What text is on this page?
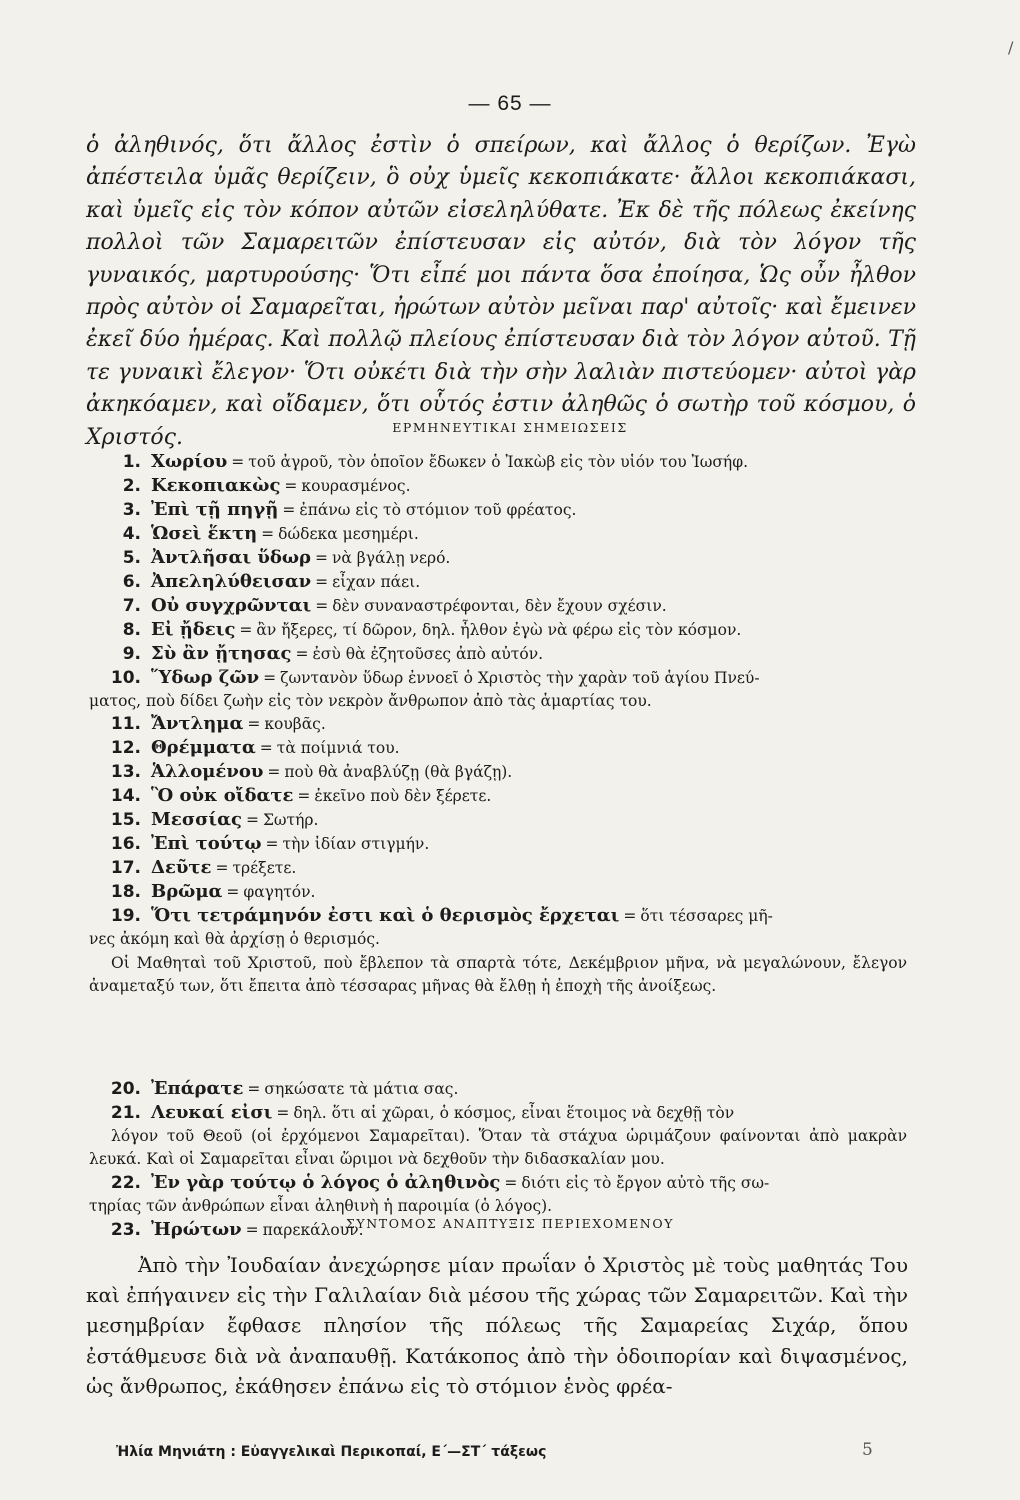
/
— 65 —

ὁ ἀληθινός, ὅτι ἄλλος ἐστὶν ὁ σπείρων, καὶ ἄλλος ὁ θερίζων. Ἐγὼ ἀπέστειλα ὑμᾶς θερίζειν, ὃ οὐχ ὑμεῖς κεκοπιάκατε· ἄλλοι κεκοπιάκασι, καὶ ὑμεῖς εἰς τὸν κόπον αὐτῶν εἰσεληλύθατε. Ἐκ δὲ τῆς πόλεως ἐκείνης πολλοὶ τῶν Σαμαρειτῶν ἐπίστευσαν εἰς αὐτόν, διὰ τὸν λόγον τῆς γυναικός, μαρτυρούσης· Ὅτι εἶπέ μοι πάντα ὅσα ἐποίησα, Ὡς οὖν ἦλθον πρὸς αὐτὸν οἱ Σαμαρεῖται, ἠρώτων αὐτὸν μεῖναι παρ' αὐτοῖς· καὶ ἔμεινεν ἐκεῖ δύο ἡμέρας. Καὶ πολλῷ πλείους ἐπίστευσαν διὰ τὸν λόγον αὐτοῦ. Τῇ τε γυναικὶ ἔλεγον· Ὅτι οὐκέτι διὰ τὴν σὴν λαλιὰν πιστεύομεν· αὐτοὶ γὰρ ἀκηκόαμεν, καὶ οἴδαμεν, ὅτι οὗτός ἐστιν ἀληθῶς ὁ σωτὴρ τοῦ κόσμου, ὁ Χριστός.	ΕΡΜΗΝΕΥΤΙΚΑΙ ΣΗΜΕΙΩΣΕΙΣ
1. Χωρίου = τοῦ ἀγροῦ, τὸν ὁποῖον ἔδωκεν ὁ Ἰακὼβ εἰς τὸν υἱόν του Ἰωσήφ.
2. Κεκοπιακὼς = κουρασμένος.
3. Ἐπὶ τῇ πηγῇ = ἐπάνω εἰς τὸ στόμιον τοῦ φρέατος.
4. Ὡσεὶ ἕκτη = δώδεκα μεσημέρι.
5. Ἀντλῆσαι ὕδωρ = νὰ βγάλῃ νερό.
6. Ἀπεληλύθεισαν = εἶχαν πάει.
7. Οὐ συγχρῶνται = δὲν συναναστρέφονται, δὲν ἔχουν σχέσιν.
8. Εἰ ᾔδεις = ἂν ἤξερες, τί δῶρον, δηλ. ἦλθον ἐγὼ νὰ φέρω εἰς τὸν κόσμον.
9. Σὺ ἂν ᾔτησας = ἐσὺ θὰ ἐζητοῦσες ἀπὸ αὐτόν.
10. Ὕδωρ ζῶν = ζωντανὸν ὕδωρ ἐννοεῖ ὁ Χριστὸς τὴν χαρὰν τοῦ ἁγίου Πνεύ-

ματος, ποὺ δίδει ζωὴν εἰς τὸν νεκρὸν ἄνθρωπον ἀπὸ τὰς ἁμαρτίας του.

11. Ἄντλημα = κουβᾶς.
12. Θρέμματα = τὰ ποίμνιά του.
13. Ἁλλομένου = ποὺ θὰ ἀναβλύζῃ (θὰ βγάζῃ).
14. Ὃ οὐκ οἴδατε = ἐκεῖνο ποὺ δὲν ξέρετε.
15. Μεσσίας = Σωτήρ.
16. Ἐπὶ τούτῳ = τὴν ἰδίαν στιγμήν.
17. Δεῦτε = τρέξετε.
18. Βρῶμα = φαγητόν.
19. Ὅτι τετράμηνόν ἐστι καὶ ὁ θερισμὸς ἔρχεται = ὅτι τέσσαρες μῆ-

νες ἀκόμη καὶ θὰ ἀρχίσῃ ὁ θερισμός.

Οἱ Μαθηταὶ τοῦ Χριστοῦ, ποὺ ἔβλεπον τὰ σπαρτὰ τότε, Δεκέμβριον μῆνα, νὰ μεγαλώνουν, ἔλεγον ἀναμεταξύ των, ὅτι ἔπειτα ἀπὸ τέσσαρας μῆνας θὰ ἔλθῃ ἡ ἐποχὴ τῆς ἀνοίξεως.

20. Ἐπάρατε = σηκώσατε τὰ μάτια σας.
21. Λευκαί εἰσι = δηλ. ὅτι αἱ χῶραι, ὁ κόσμος, εἶναι ἕτοιμος νὰ δεχθῇ τὸν

λόγον τοῦ Θεοῦ (οἱ ἐρχόμενοι Σαμαρεῖται). Ὅταν τὰ στάχυα ὡριμάζουν φαίνονται ἀπὸ μακρὰν λευκά. Καὶ οἱ Σαμαρεῖται εἶναι ὥριμοι νὰ δεχθοῦν τὴν διδασκαλίαν μου.

22. Ἐν γὰρ τούτῳ ὁ λόγος ὁ ἀληθινὸς = διότι εἰς τὸ ἔργον αὐτὸ τῆς σω-

τηρίας τῶν ἀνθρώπων εἶναι ἀληθινὴ ἡ παροιμία (ὁ λόγος).

23. Ἠρώτων = παρεκάλουν.
ΣΥΝΤΟΜΟΣ ΑΝΑΠΤΥΞΙΣ ΠΕΡΙΕΧΟΜΕΝΟΥ

Ἀπὸ τὴν Ἰουδαίαν ἀνεχώρησε μίαν πρωΐαν ὁ Χριστὸς μὲ τοὺς μαθητάς Του καὶ ἐπήγαινεν εἰς τὴν Γαλιλαίαν διὰ μέσου τῆς χώρας τῶν Σαμαρειτῶν. Καὶ τὴν μεσημβρίαν ἔφθασε πλησίον τῆς πόλεως τῆς Σαμαρείας Σιχάρ, ὅπου ἐστάθμευσε διὰ νὰ ἀναπαυθῇ. Κατάκοπος ἀπὸ τὴν ὁδοιπορίαν καὶ διψασμένος, ὡς ἄνθρωπος, ἐκάθησεν ἐπάνω εἰς τὸ στόμιον ἑνὸς φρέα-

Ἠλία Μηνιάτη : Εὐαγγελικαὶ Περικοπαί, Ε΄—ΣΤ΄ τάξεως	5
